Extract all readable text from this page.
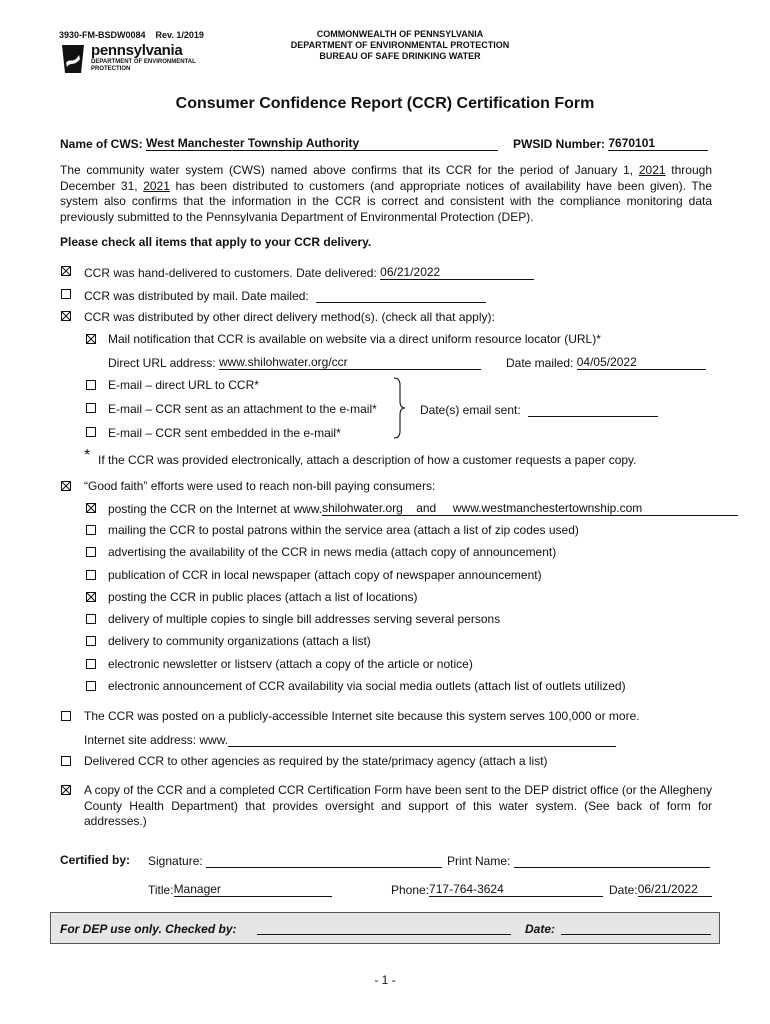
3930-FM-BSDW0084 Rev. 1/2019
pennsylvania
DEPARTMENT OF ENVIRONMENTAL
PROTECTION
COMMONWEALTH OF PENNSYLVANIA
DEPARTMENT OF ENVIRONMENTAL PROTECTION
BUREAU OF SAFE DRINKING WATER
Consumer Confidence Report (CCR) Certification Form
Name of CWS: West Manchester Township Authority	PWSID Number: 7670101
The community water system (CWS) named above confirms that its CCR for the period of January 1, 2021 through December 31, 2021 has been distributed to customers (and appropriate notices of availability have been given). The system also confirms that the information in the CCR is correct and consistent with the compliance monitoring data previously submitted to the Pennsylvania Department of Environmental Protection (DEP).
Please check all items that apply to your CCR delivery.
CCR was hand-delivered to customers. Date delivered: 06/21/2022
CCR was distributed by mail. Date mailed:
CCR was distributed by other direct delivery method(s). (check all that apply):
Mail notification that CCR is available on website via a direct uniform resource locator (URL)*
Direct URL address: www.shilohwater.org/ccr	Date mailed: 04/05/2022
E-mail – direct URL to CCR*
E-mail – CCR sent as an attachment to the e-mail*
E-mail – CCR sent embedded in the e-mail*
Date(s) email sent:
* If the CCR was provided electronically, attach a description of how a customer requests a paper copy.
“Good faith” efforts were used to reach non-bill paying consumers:
posting the CCR on the Internet at www.shilohwater.org and www.westmanchestertownship.com
mailing the CCR to postal patrons within the service area (attach a list of zip codes used)
advertising the availability of the CCR in news media (attach copy of announcement)
publication of CCR in local newspaper (attach copy of newspaper announcement)
posting the CCR in public places (attach a list of locations)
delivery of multiple copies to single bill addresses serving several persons
delivery to community organizations (attach a list)
electronic newsletter or listserv (attach a copy of the article or notice)
electronic announcement of CCR availability via social media outlets (attach list of outlets utilized)
The CCR was posted on a publicly-accessible Internet site because this system serves 100,000 or more.
Internet site address: www.
Delivered CCR to other agencies as required by the state/primacy agency (attach a list)
A copy of the CCR and a completed CCR Certification Form have been sent to the DEP district office (or the Allegheny County Health Department) that provides oversight and support of this water system. (See back of form for addresses.)
Certified by: Signature:	Print Name:
Title:Manager	Phone:717-764-3624	Date:06/21/2022
For DEP use only. Checked by:	Date:
- 1 -
